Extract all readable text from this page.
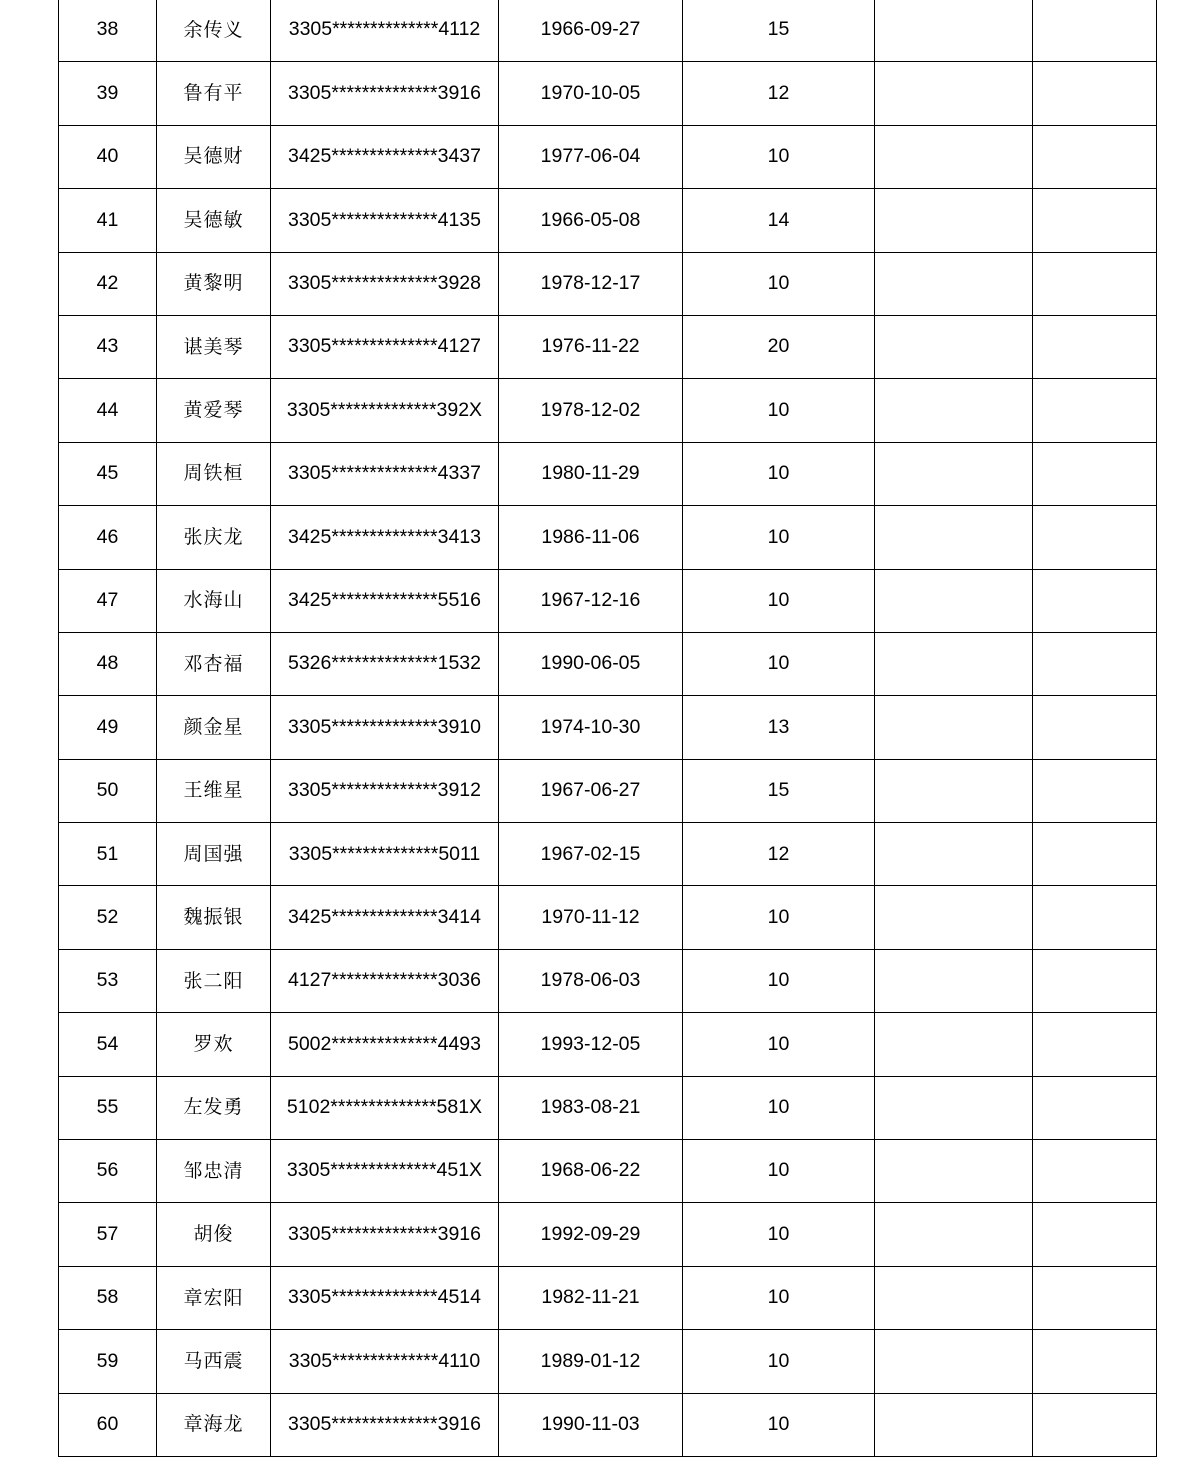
38	余传义	3305**************4112	1966-09-27	15		
39	鲁有平	3305**************3916	1970-10-05	12		
40	吴德财	3425**************3437	1977-06-04	10		
41	吴德敏	3305**************4135	1966-05-08	14		
42	黄黎明	3305**************3928	1978-12-17	10		
43	谌美琴	3305**************4127	1976-11-22	20		
44	黄爱琴	3305**************392X	1978-12-02	10		
45	周铁桓	3305**************4337	1980-11-29	10		
46	张庆龙	3425**************3413	1986-11-06	10		
47	水海山	3425**************5516	1967-12-16	10		
48	邓杏福	5326**************1532	1990-06-05	10		
49	颜金星	3305**************3910	1974-10-30	13		
50	王维星	3305**************3912	1967-06-27	15		
51	周国强	3305**************5011	1967-02-15	12		
52	魏振银	3425**************3414	1970-11-12	10		
53	张二阳	4127**************3036	1978-06-03	10		
54	罗欢	5002**************4493	1993-12-05	10		
55	左发勇	5102**************581X	1983-08-21	10		
56	邹忠清	3305**************451X	1968-06-22	10		
57	胡俊	3305**************3916	1992-09-29	10		
58	章宏阳	3305**************4514	1982-11-21	10		
59	马西震	3305**************4110	1989-01-12	10		
60	章海龙	3305**************3916	1990-11-03	10		
